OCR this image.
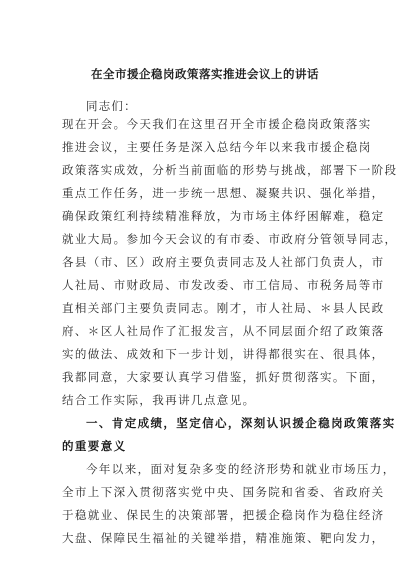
在全市援企稳岗政策落实推进会议上的讲话
同志们：
现在开会。今天我们在这里召开全市援企稳岗政策落实
推进会议，主要任务是深入总结今年以来我市援企稳岗
政策落实成效，分析当前面临的形势与挑战，部署下一阶段
重点工作任务，进一步统一思想、凝聚共识、强化举措，
确保政策红利持续精准释放，为市场主体纾困解难，稳定
就业大局。参加今天会议的有市委、市政府分管领导同志，
各县（市、区）政府主要负责同志及人社部门负责人，市
人社局、市财政局、市发改委、市工信局、市税务局等市
直相关部门主要负责同志。刚才，市人社局、＊县人民政
府、＊区人社局作了汇报发言，从不同层面介绍了政策落
实的做法、成效和下一步计划，讲得都很实在、很具体，
我都同意，大家要认真学习借鉴，抓好贯彻落实。下面，
结合工作实际，我再讲几点意见。
一、肯定成绩，坚定信心，深刻认识援企稳岗政策落实
的重要意义
今年以来，面对复杂多变的经济形势和就业市场压力，
全市上下深入贯彻落实党中央、国务院和省委、省政府关
于稳就业、保民生的决策部署，把援企稳岗作为稳住经济
大盘、保障民生福祉的关键举措，精准施策、靶向发力，
